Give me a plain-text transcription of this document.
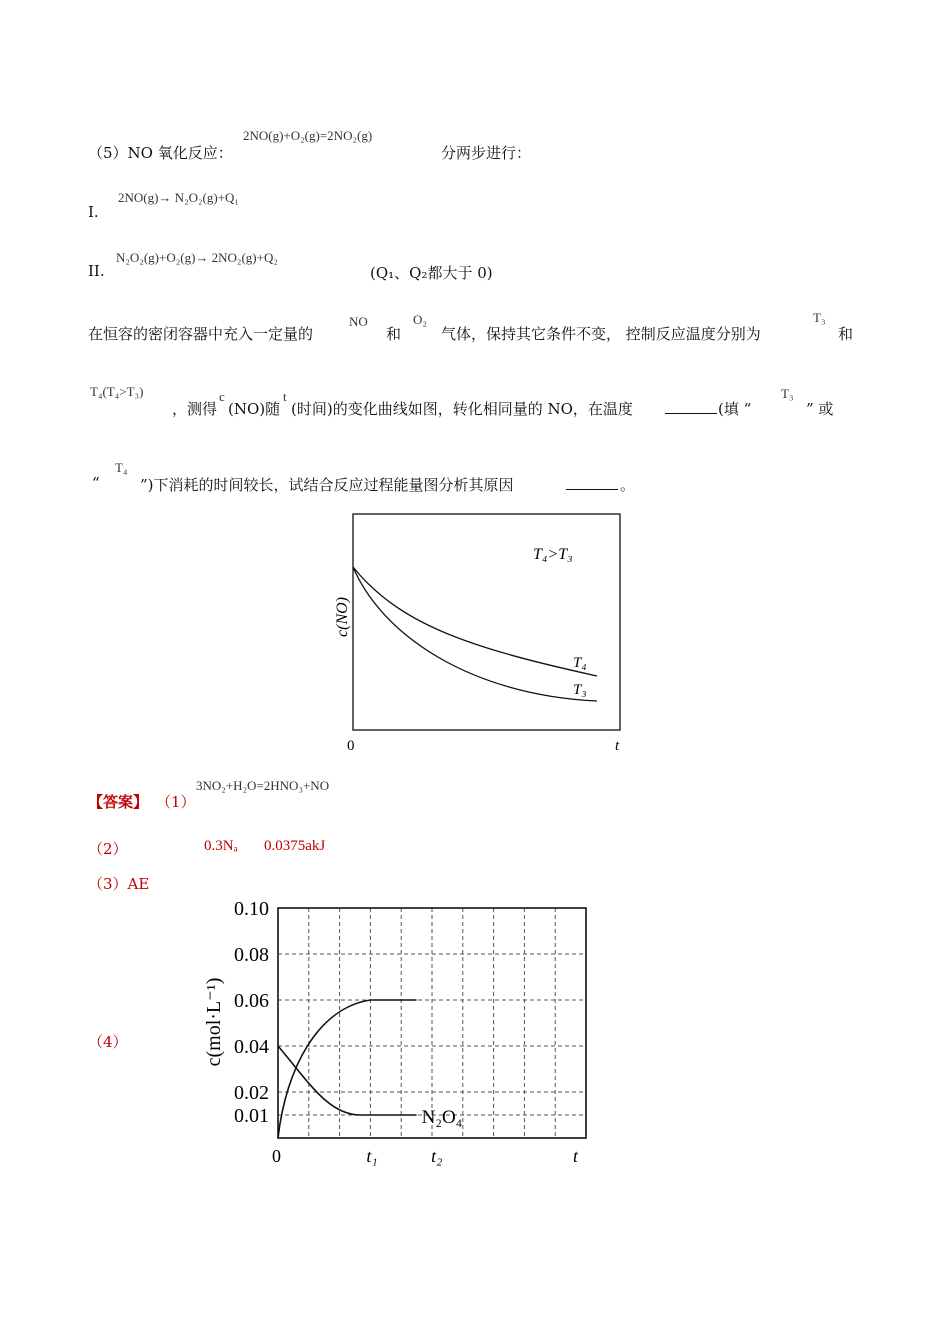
（5）NO 氧化反应：
2NO(g)+O₂(g)=2NO₂(g)
分两步进行：
I.
2NO(g)→ N₂O₂(g)+Q₁
II.
N₂O₂(g)+O₂(g)→ 2NO₂(g)+Q₂
(Q₁、Q₂都大于 0)
在恒容的密闭容器中充入一定量的
NO
和
O₂
气体，保持其它条件不变， 控制反应温度分别为
T₃
和
T₄(T₄>T₃)
，测得
c
(NO)随
t
(时间)的变化曲线如图，转化相同量的 NO，在温度	(填 “
T₃
” 或
“
T₄
”)下消耗的时间较长，试结合反应过程能量图分析其原因	。
c(NO)
T₄>T₃
0	t
T₄
T₃
【答案】 （1）
3NO₂+H₂O=2HNO₃+NO
（2）	0.3Nₐ 0.0375akJ
（3）AE
（4）
0.10
0.08
0.06
0.04
0.02
0.01	N₂O₄
t₁	t₂
c(mol·L⁻¹)
0	t
